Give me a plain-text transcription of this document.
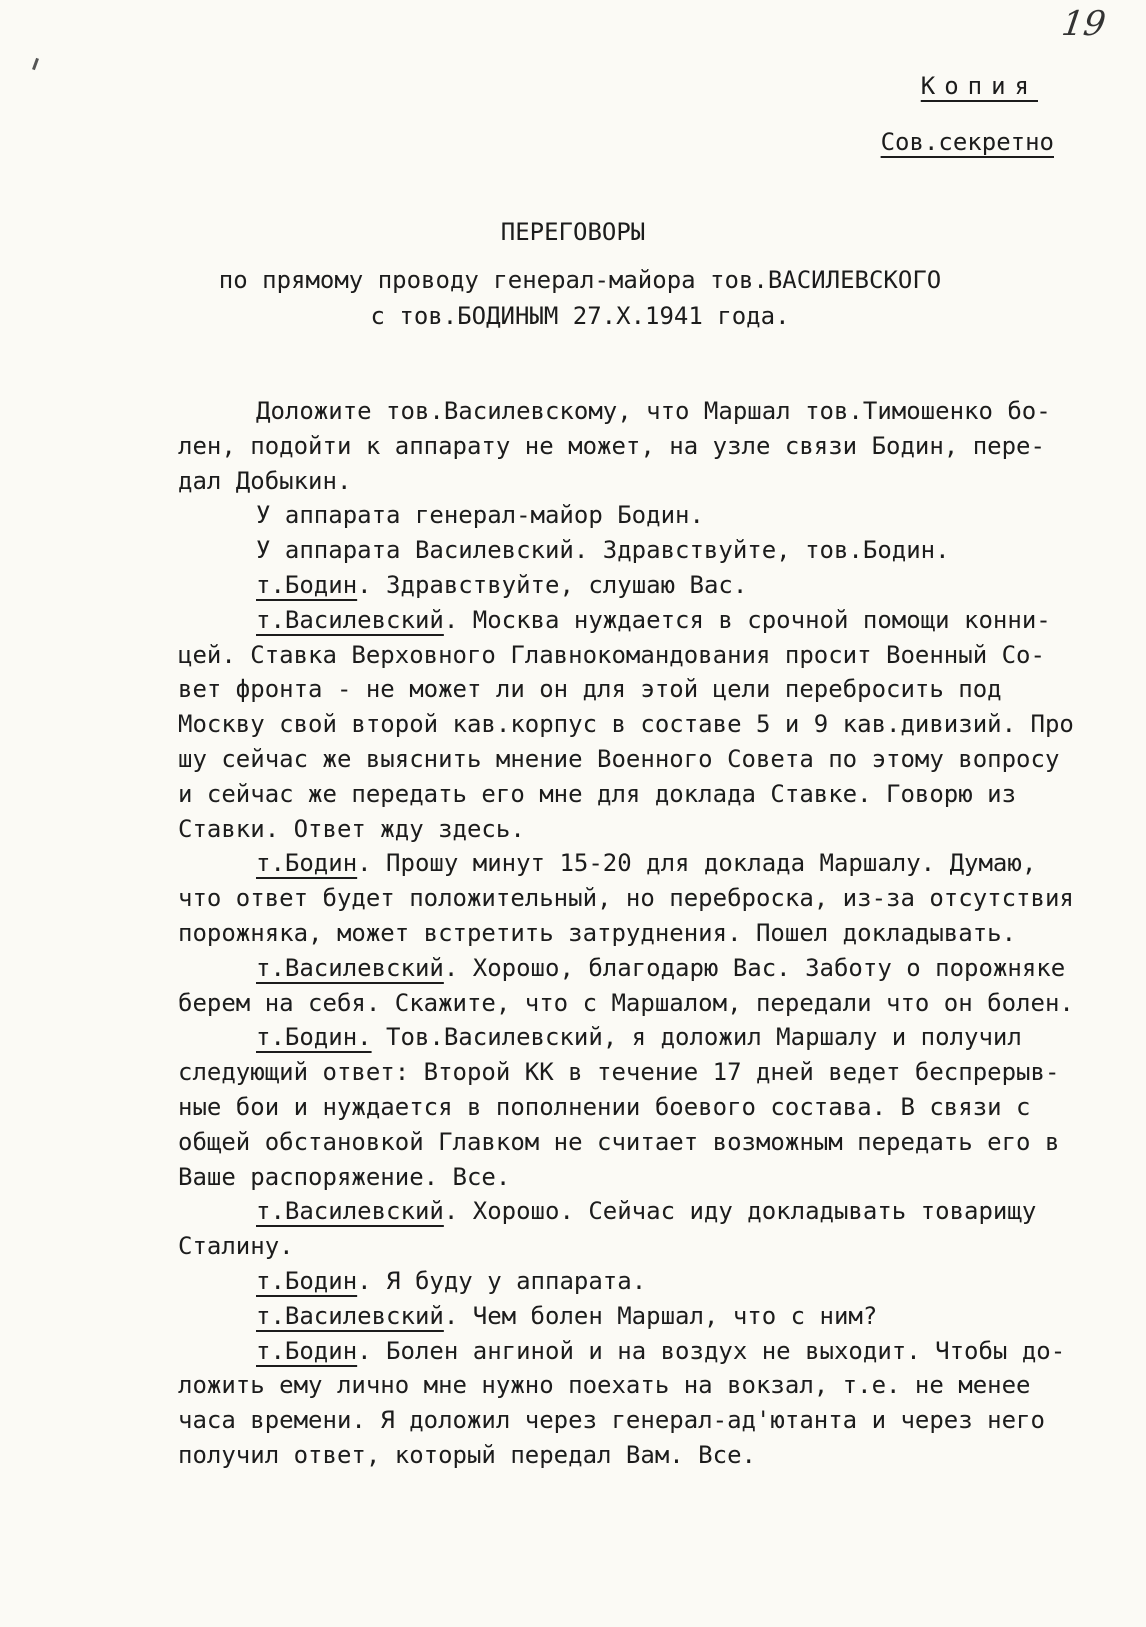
19
Копия
Сов.секретно
ПЕРЕГОВОРЫ
по прямому проводу генерал-майора тов.ВАСИЛЕВСКОГО
с тов.БОДИНЫМ 27.Х.1941 года.
Доложите тов.Василевскому, что Маршал тов.Тимошенко бо-
лен, подойти к аппарату не может, на узле связи Бодин, пере-
дал Добыкин.
У аппарата генерал-майор Бодин.
У аппарата Василевский. Здравствуйте, тов.Бодин.
т.Бодин. Здравствуйте, слушаю Вас.
т.Василевский. Москва нуждается в срочной помощи конни-
цей. Ставка Верховного Главнокомандования просит Военный Со-
вет фронта - не может ли он для этой цели перебросить под
Москву свой второй кав.корпус в составе 5 и 9 кав.дивизий. Про
шу сейчас же выяснить мнение Военного Совета по этому вопросу
и сейчас же передать его мне для доклада Ставке. Говорю из
Ставки. Ответ жду здесь.
т.Бодин. Прошу минут 15-20 для доклада Маршалу. Думаю,
что ответ будет положительный, но переброска, из-за отсутствия
порожняка, может встретить затруднения. Пошел докладывать.
т.Василевский. Хорошо, благодарю Вас. Заботу о порожняке
берем на себя. Скажите, что с Маршалом, передали что он болен.
т.Бодин. Тов.Василевский, я доложил Маршалу и получил
следующий ответ: Второй КК в течение 17 дней ведет беспрерыв-
ные бои и нуждается в пополнении боевого состава. В связи с
общей обстановкой Главком не считает возможным передать его в
Ваше распоряжение. Все.
т.Василевский. Хорошо. Сейчас иду докладывать товарищу
Сталину.
т.Бодин. Я буду у аппарата.
т.Василевский. Чем болен Маршал, что с ним?
т.Бодин. Болен ангиной и на воздух не выходит. Чтобы до-
ложить ему лично мне нужно поехать на вокзал, т.е. не менее
часа времени. Я доложил через генерал-ад'ютанта и через него
получил ответ, который передал Вам. Все.
